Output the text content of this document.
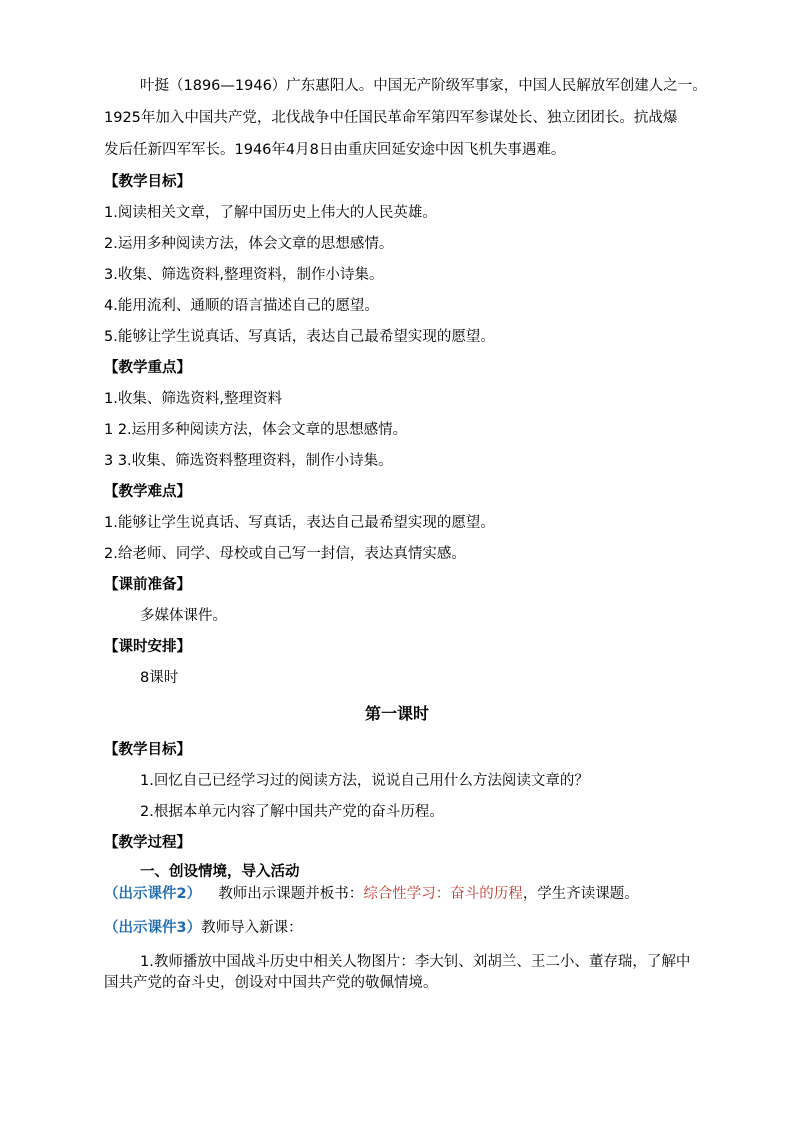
叶挺（1896—1946）广东惠阳人。中国无产阶级军事家，中国人民解放军创建人之一。
1925年加入中国共产党，北伐战争中任国民革命军第四军参谋处长、独立团团长。抗战爆
发后任新四军军长。1946年4月8日由重庆回延安途中因飞机失事遇难。
【教学目标】
1.阅读相关文章，了解中国历史上伟大的人民英雄。
2.运用多种阅读方法，体会文章的思想感情。
3.收集、筛选资料,整理资料，制作小诗集。
4.能用流利、通顺的语言描述自己的愿望。
5.能够让学生说真话、写真话，表达自己最希望实现的愿望。
【教学重点】
1.收集、筛选资料,整理资料
1 2.运用多种阅读方法，体会文章的思想感情。
3 3.收集、筛选资料整理资料，制作小诗集。
【教学难点】
1.能够让学生说真话、写真话，表达自己最希望实现的愿望。
2.给老师、同学、母校或自己写一封信，表达真情实感。
【课前准备】
多媒体课件。
【课时安排】
8课时
第一课时
【教学目标】
1.回忆自己已经学习过的阅读方法，说说自己用什么方法阅读文章的？
2.根据本单元内容了解中国共产党的奋斗历程。
【教学过程】
一、创设情境，导入活动
（出示课件2） 教师出示课题并板书：综合性学习：奋斗的历程，学生齐读课题。
（出示课件3）教师导入新课：
1.教师播放中国战斗历史中相关人物图片：李大钊、刘胡兰、王二小、董存瑞，了解中
国共产党的奋斗史，创设对中国共产党的敬佩情境。
